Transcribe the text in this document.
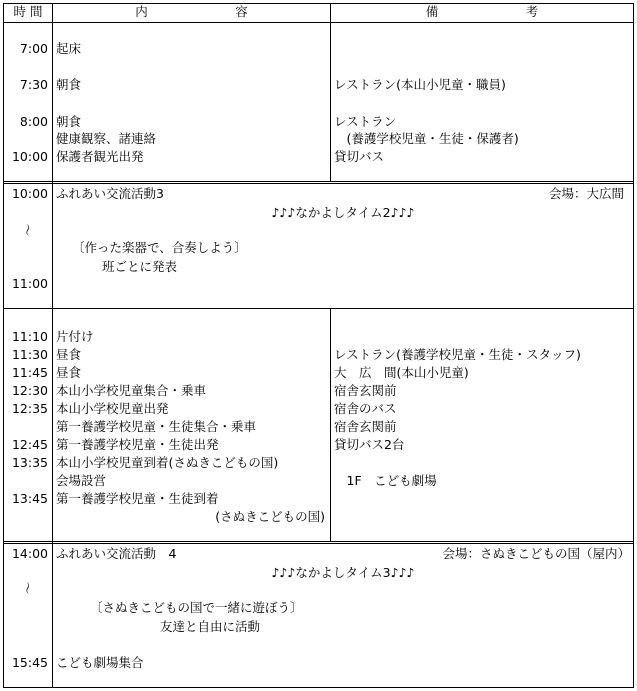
時 間	内　　　　　　　容	備　　　　　　　考
7:00 起床
7:30 朝食	レストラン(本山小児童・職員)
8:00 朝食	レストラン
健康観察、諸連絡	　(養護学校児童・生徒・保護者)
10:00 保護者観光出発	貸切バス
10:00 ふれあい交流活動3	会場：大広間
♪♪♪なかよしタイム2♪♪♪
〜
〔作った楽器で、合奏しよう〕
班ごとに発表
11:00
11:10 片付け
11:30 昼食	レストラン(養護学校児童・生徒・スタッフ)
11:45 昼食	大　広　間(本山小児童)
12:30 本山小学校児童集合・乗車	宿舎玄関前
12:35 本山小学校児童出発	宿舎のバス
第一養護学校児童・生徒集合・乗車	宿舎玄関前
12:45 第一養護学校児童・生徒出発	貸切バス2台
13:35 本山小学校児童到着(さぬきこどもの国)
会場設営	　1F　こども劇場
13:45 第一養護学校児童・生徒到着
(さぬきこどもの国)
14:00 ふれあい交流活動　4	会場：さぬきこどもの国（屋内）
♪♪♪なかよしタイム3♪♪♪
〜
〔さぬきこどもの国で一緒に遊ぼう〕
友達と自由に活動
15:45 こども劇場集合
